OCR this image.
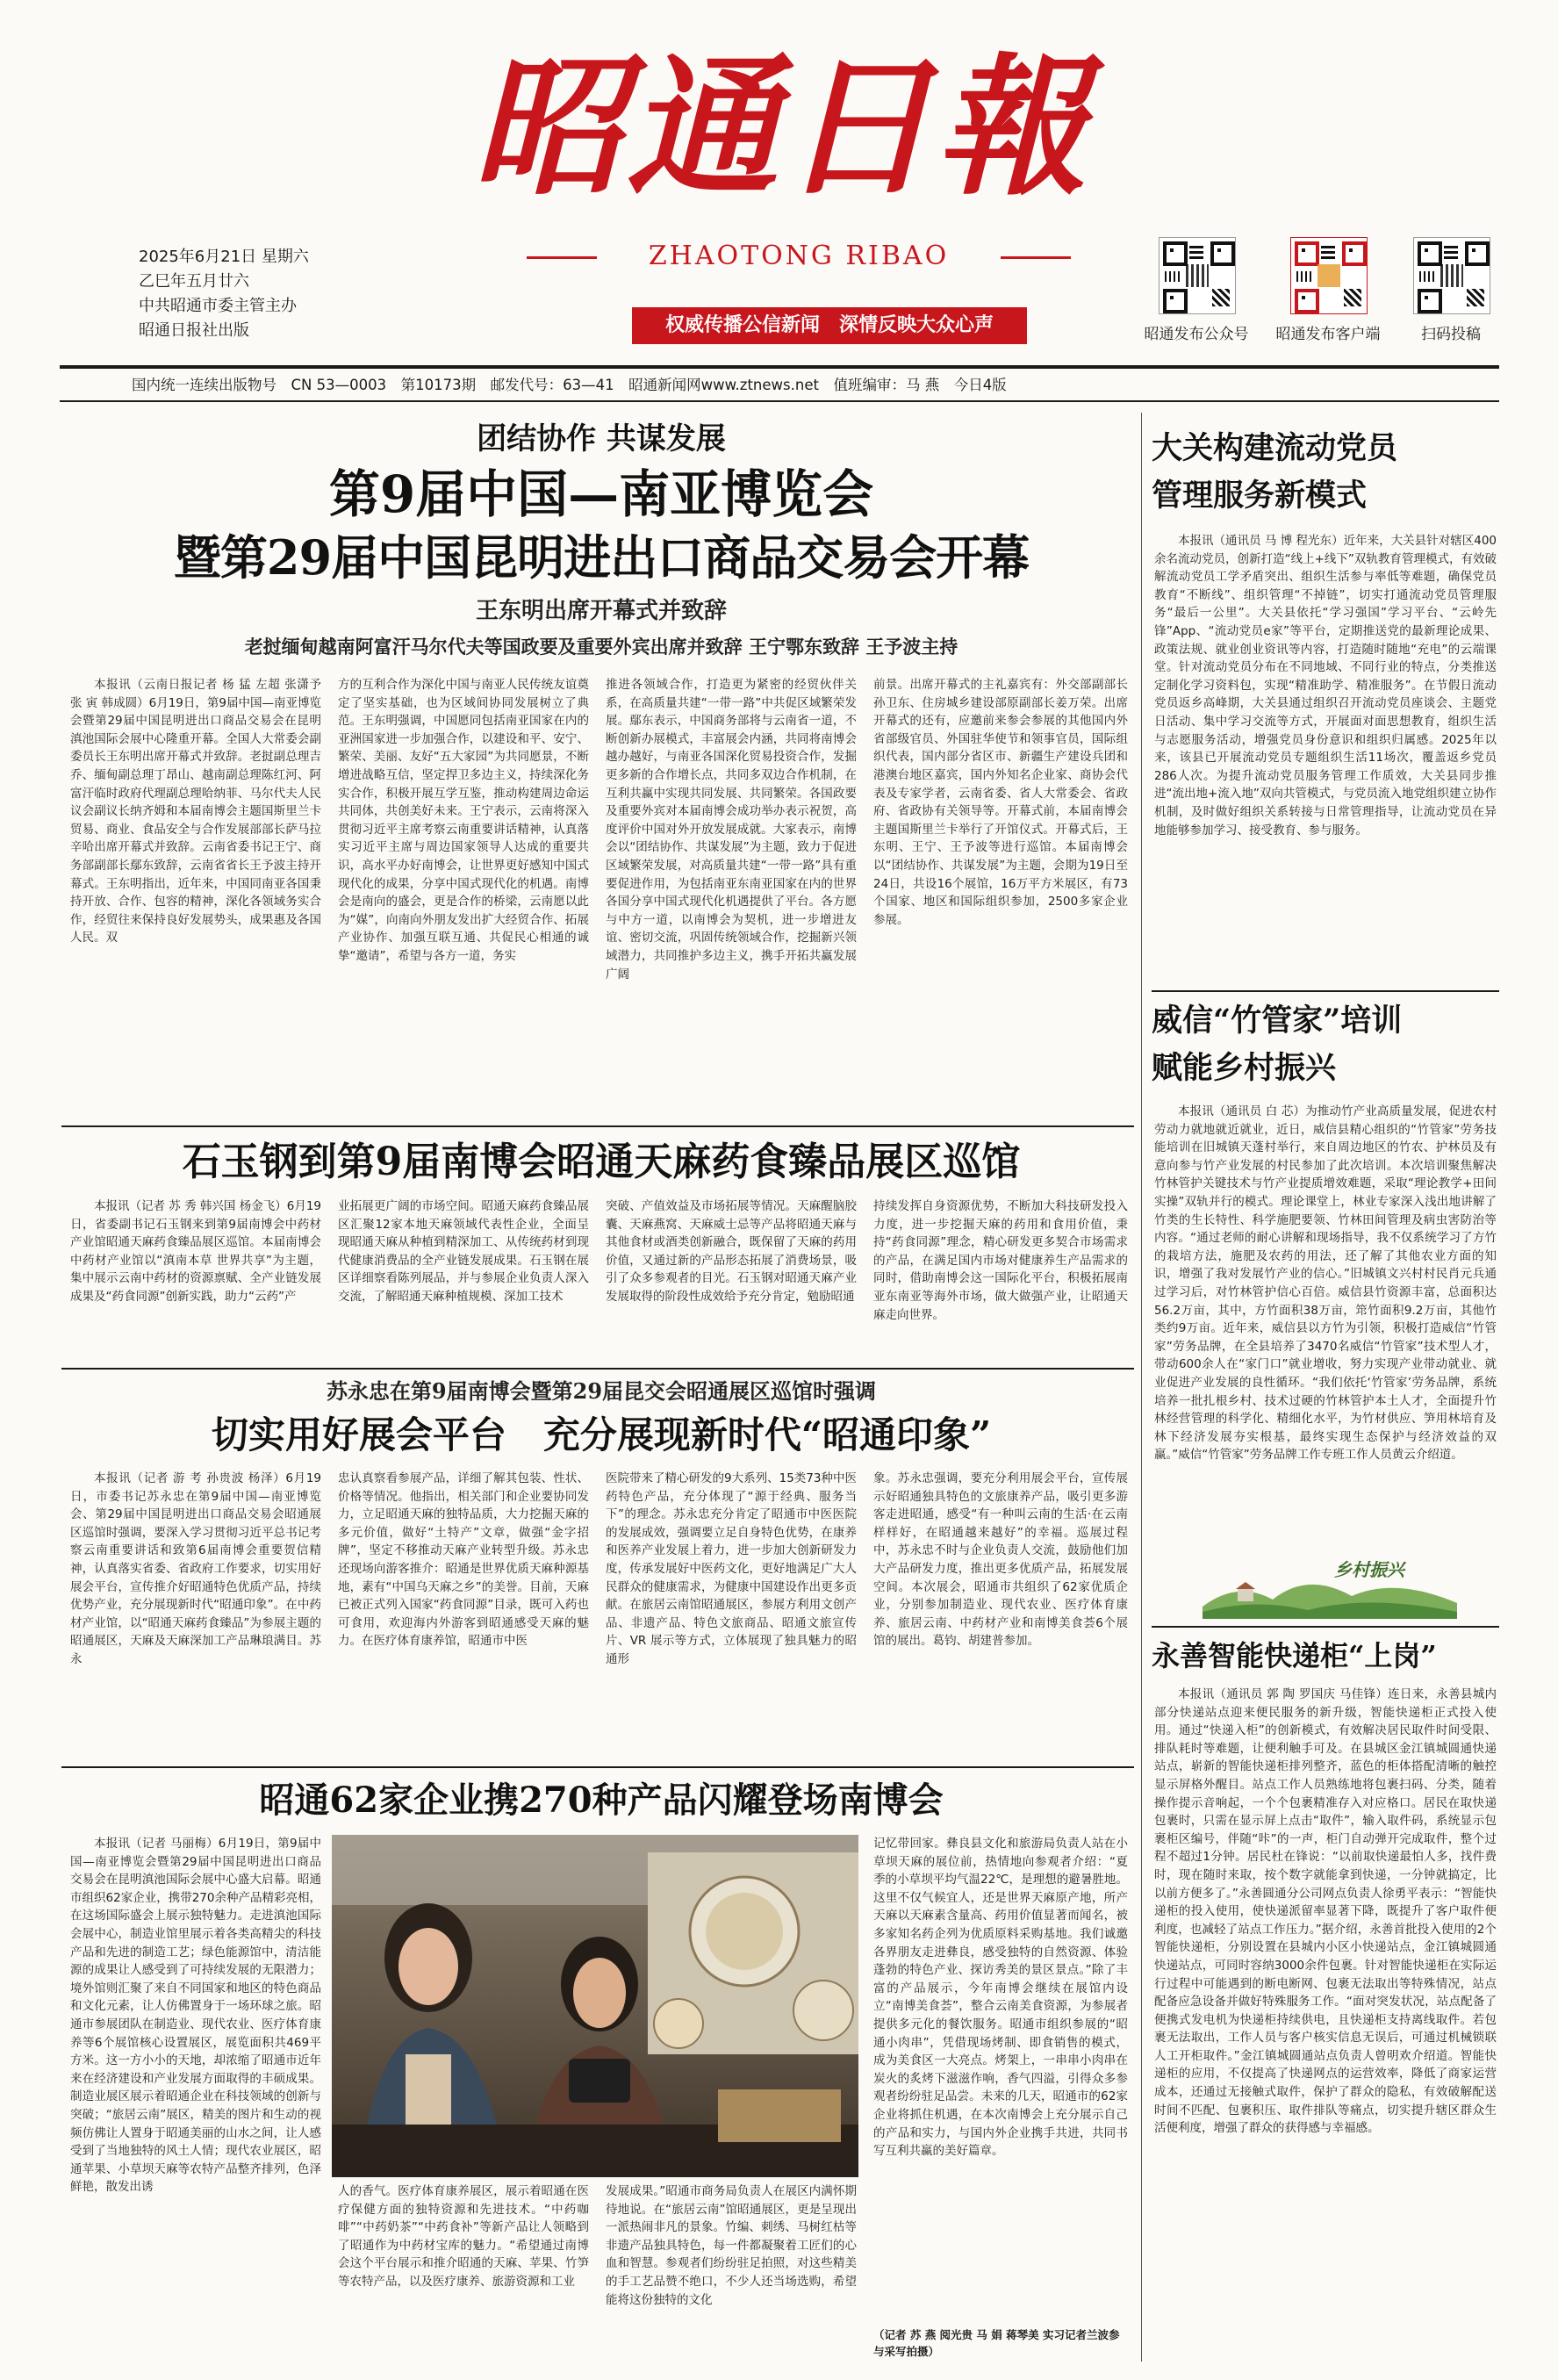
昭通日報
ZHAOTONG RIBAO
2025年6月21日 星期六
乙巳年五月廿六
中共昭通市委主管主办
昭通日报社出版	权威传播公信新闻　深情反映大众心声	昭通发布公众号	昭通发布客户端	扫码投稿
国内统一连续出版物号　CN 53—0003　第10173期　邮发代号：63—41　昭通新闻网www.ztnews.net　值班编审：马 燕　今日4版
团结协作 共谋发展
第9届中国—南亚博览会
暨第29届中国昆明进出口商品交易会开幕
王东明出席开幕式并致辞
老挝缅甸越南阿富汗马尔代夫等国政要及重要外宾出席并致辞 王宁鄂东致辞 王予波主持

本报讯（云南日报记者 杨 猛 左超 张潇予 张 寅 韩成圆）6月19日，第9届中国—南亚博览会暨第29届中国昆明进出口商品交易会在昆明滇池国际会展中心隆重开幕。全国人大常委会副委员长王东明出席开幕式并致辞。老挝副总理吉乔、缅甸副总理丁昂山、越南副总理陈红河、阿富汗临时政府代理副总理哈纳菲、马尔代夫人民议会副议长纳齐姆和本届南博会主题国斯里兰卡贸易、商业、食品安全与合作发展部部长萨马拉辛哈出席开幕式并致辞。云南省委书记王宁、商务部副部长鄢东致辞，云南省省长王予波主持开幕式。王东明指出，近年来，中国同南亚各国秉持开放、合作、包容的精神，深化各领域务实合作，经贸往来保持良好发展势头，成果惠及各国人民。双

方的互利合作为深化中国与南亚人民传统友谊奠定了坚实基础，也为区域间协同发展树立了典范。王东明强调，中国愿同包括南亚国家在内的亚洲国家进一步加强合作，以建设和平、安宁、繁荣、美丽、友好“五大家园”为共同愿景，不断增进战略互信，坚定捍卫多边主义，持续深化务实合作，积极开展互学互鉴，推动构建周边命运共同体，共创美好未来。王宁表示，云南将深入贯彻习近平主席考察云南重要讲话精神，认真落实习近平主席与周边国家领导人达成的重要共识，高水平办好南博会，让世界更好感知中国式现代化的成果，分享中国式现代化的机遇。南博会是南向的盛会，更是合作的桥梁，云南愿以此为“媒”，向南向外朋友发出扩大经贸合作、拓展产业协作、加强互联互通、共促民心相通的诚挚“邀请”，希望与各方一道，务实

推进各领域合作，打造更为紧密的经贸伙伴关系，在高质量共建“一带一路”中共促区域繁荣发展。鄢东表示，中国商务部将与云南省一道，不断创新办展模式，丰富展会内涵，共同将南博会越办越好，与南亚各国深化贸易投资合作，发掘更多新的合作增长点，共同多双边合作机制，在互利共赢中实现共同发展、共同繁荣。各国政要及重要外宾对本届南博会成功举办表示祝贺，高度评价中国对外开放发展成就。大家表示，南博会以“团结协作、共谋发展”为主题，致力于促进区域繁荣发展，对高质量共建“一带一路”具有重要促进作用，为包括南亚东南亚国家在内的世界各国分享中国式现代化机遇提供了平台。各方愿与中方一道，以南博会为契机，进一步增进友谊、密切交流，巩固传统领域合作，挖掘新兴领域潜力，共同推护多边主义，携手开拓共赢发展广阔

前景。出席开幕式的主礼嘉宾有：外交部副部长孙卫东、住房城乡建设部原副部长姜万荣。出席开幕式的还有，应邀前来参会参展的其他国内外省部级官员、外国驻华使节和领事官员，国际组织代表，国内部分省区市、新疆生产建设兵团和港澳台地区嘉宾，国内外知名企业家、商协会代表及专家学者，云南省委、省人大常委会、省政府、省政协有关领导等。开幕式前，本届南博会主题国斯里兰卡举行了开馆仪式。开幕式后，王东明、王宁、王予波等进行巡馆。本届南博会以“团结协作、共谋发展”为主题，会期为19日至24日，共设16个展馆，16万平方米展区，有73个国家、地区和国际组织参加，2500多家企业参展。

石玉钢到第9届南博会昭通天麻药食臻品展区巡馆

本报讯（记者 苏 秀 韩兴国 杨金飞）6月19日，省委副书记石玉钢来到第9届南博会中药材产业馆昭通天麻药食臻品展区巡馆。本届南博会中药材产业馆以“滇南本草 世界共享”为主题，集中展示云南中药材的资源禀赋、全产业链发展成果及“药食同源”创新实践，助力“云药”产

业拓展更广阔的市场空间。昭通天麻药食臻品展区汇聚12家本地天麻领域代表性企业，全面呈现昭通天麻从种植到精深加工、从传统药材到现代健康消费品的全产业链发展成果。石玉钢在展区详细察看陈列展品，并与参展企业负责人深入交流，了解昭通天麻种植规模、深加工技术

突破、产值效益及市场拓展等情况。天麻醒脑胶囊、天麻燕窝、天麻威士忌等产品将昭通天麻与其他食材或酒类创新融合，既保留了天麻的药用价值，又通过新的产品形态拓展了消费场景，吸引了众多参观者的目光。石玉钢对昭通天麻产业发展取得的阶段性成效给予充分肯定，勉励昭通

持续发挥自身资源优势，不断加大科技研发投入力度，进一步挖掘天麻的药用和食用价值，秉持“药食同源”理念，精心研发更多契合市场需求的产品，在满足国内市场对健康养生产品需求的同时，借助南博会这一国际化平台，积极拓展南亚东南亚等海外市场，做大做强产业，让昭通天麻走向世界。

苏永忠在第9届南博会暨第29届昆交会昭通展区巡馆时强调
切实用好展会平台　充分展现新时代“昭通印象”

本报讯（记者 游 考 孙贵波 杨泽）6月19日，市委书记苏永忠在第9届中国—南亚博览会、第29届中国昆明进出口商品交易会昭通展区巡馆时强调，要深入学习贯彻习近平总书记考察云南重要讲话和致第6届南博会重要贺信精神，认真落实省委、省政府工作要求，切实用好展会平台，宣传推介好昭通特色优质产品，持续优势产业，充分展现新时代“昭通印象”。在中药材产业馆，以“昭通天麻药食臻品”为参展主题的昭通展区，天麻及天麻深加工产品琳琅满目。苏永

忠认真察看参展产品，详细了解其包装、性状、价格等情况。他指出，相关部门和企业要协同发力，立足昭通天麻的独特品质，大力挖掘天麻的多元价值，做好“土特产”文章，做强“金字招牌”，坚定不移推动天麻产业转型升级。苏永忠还现场向游客推介：昭通是世界优质天麻种源基地，素有“中国乌天麻之乡”的美誉。目前，天麻已被正式列入国家“药食同源”目录，既可入药也可食用，欢迎海内外游客到昭通感受天麻的魅力。在医疗体育康养馆，昭通市中医

医院带来了精心研发的9大系列、15类73种中医药特色产品，充分体现了“源于经典、服务当下”的理念。苏永忠充分肯定了昭通市中医医院的发展成效，强调要立足自身特色优势，在康养和医养产业发展上着力，进一步加大创新研发力度，传承发展好中医药文化，更好地满足广大人民群众的健康需求，为健康中国建设作出更多贡献。在旅居云南馆昭通展区，参展方利用文创产品、非遗产品、特色文旅商品、昭通文旅宣传片、VR 展示等方式，立体展现了独具魅力的昭通形

象。苏永忠强调，要充分利用展会平台，宣传展示好昭通独具特色的文旅康养产品，吸引更多游客走进昭通，感受“有一种叫云南的生活·在云南样样好，在昭通越来越好”的幸福。巡展过程中，苏永忠不时与企业负责人交流，鼓励他们加大产品研发力度，推出更多优质产品，拓展发展空间。本次展会，昭通市共组织了62家优质企业，分别参加制造业、现代农业、医疗体育康养、旅居云南、中药材产业和南博美食荟6个展馆的展出。葛钧、胡建普参加。

昭通62家企业携270种产品闪耀登场南博会

本报讯（记者 马丽梅）6月19日，第9届中国—南亚博览会暨第29届中国昆明进出口商品交易会在昆明滇池国际会展中心盛大启幕。昭通市组织62家企业，携带270余种产品精彩亮相，在这场国际盛会上展示独特魅力。走进滇池国际会展中心，制造业馆里展示着各类高精尖的科技产品和先进的制造工艺；绿色能源馆中，清洁能源的成果让人感受到了可持续发展的无限潜力；境外馆则汇聚了来自不同国家和地区的特色商品和文化元素，让人仿佛置身于一场环球之旅。昭通市参展团队在制造业、现代农业、医疗体育康养等6个展馆核心设置展区，展览面积共469平方米。这一方小小的天地，却浓缩了昭通市近年来在经济建设和产业发展方面取得的丰硕成果。制造业展区展示着昭通企业在科技领域的创新与突破；“旅居云南”展区，精美的图片和生动的视频仿佛让人置身于昭通美丽的山水之间，让人感受到了当地独特的风土人情；现代农业展区，昭通苹果、小草坝天麻等农特产品整齐排列，色泽鲜艳，散发出诱	人的香气。医疗体育康养展区，展示着昭通在医疗保健方面的独特资源和先进技术。“中药咖啡”“中药奶茶”“中药食补”等新产品让人领略到了昭通作为中药材宝库的魅力。“希望通过南博会这个平台展示和推介昭通的天麻、苹果、竹笋等农特产品，以及医疗康养、旅游资源和工业

发展成果。”昭通市商务局负责人在展区内满怀期待地说。在“旅居云南”馆昭通展区，更是呈现出一派热闹非凡的景象。竹编、刺绣、马树红枯等非遗产品独具特色，每一件都凝聚着工匠们的心血和智慧。参观者们纷纷驻足拍照，对这些精美的手工艺品赞不绝口，不少人还当场选购，希望能将这份独特的文化

记忆带回家。彝良县文化和旅游局负责人站在小草坝天麻的展位前，热情地向参观者介绍：“夏季的小草坝平均气温22℃，是理想的避暑胜地。这里不仅气候宜人，还是世界天麻原产地，所产天麻以天麻素含量高、药用价值显著而闻名，被多家知名药企列为优质原料采购基地。我们诚邀各界朋友走进彝良，感受独特的自然资源、体验蓬勃的特色产业、探访秀美的景区景点。”除了丰富的产品展示，今年南博会继续在展馆内设立“南博美食荟”，整合云南美食资源，为参展者提供多元化的餐饮服务。昭通市组织参展的“昭通小肉串”，凭借现场烤制、即食销售的模式，成为美食区一大亮点。烤架上，一串串小肉串在炭火的炙烤下滋滋作响，香气四溢，引得众多参观者纷纷驻足品尝。未来的几天，昭通市的62家企业将抓住机遇，在本次南博会上充分展示自己的产品和实力，与国内外企业携手共进，共同书写互利共赢的美好篇章。

（记者 苏 燕 阅光贵 马 娟 蒋琴美 实习记者兰波参与采写拍摄）
大关构建流动党员
管理服务新模式

本报讯（通讯员 马 博 程光东）近年来，大关县针对辖区400余名流动党员，创新打造“线上+线下”双轨教育管理模式，有效破解流动党员工学矛盾突出、组织生活参与率低等难题，确保党员教育“不断线”、组织管理“不掉链”，切实打通流动党员管理服务“最后一公里”。大关县依托“学习强国”学习平台、“云岭先锋”App、“流动党员e家”等平台，定期推送党的最新理论成果、政策法规、就业创业资讯等内容，打造随时随地“充电”的云端课堂。针对流动党员分布在不同地域、不同行业的特点，分类推送定制化学习资料包，实现“精准助学、精准服务”。在节假日流动党员返乡高峰期，大关县通过组织召开流动党员座谈会、主题党日活动、集中学习交流等方式，开展面对面思想教育，组织生活与志愿服务活动，增强党员身份意识和组织归属感。2025年以来，该县已开展流动党员专题组织生活11场次，覆盖返乡党员286人次。为提升流动党员服务管理工作质效，大关县同步推进“流出地+流入地”双向共管模式，与党员流入地党组织建立协作机制，及时做好组织关系转接与日常管理指导，让流动党员在异地能够参加学习、接受教育、参与服务。

威信“竹管家”培训
赋能乡村振兴

本报讯（通讯员 白 芯）为推动竹产业高质量发展，促进农村劳动力就地就近就业，近日，威信县精心组织的“竹管家”劳务技能培训在旧城镇天蓬村举行，来自周边地区的竹农、护林员及有意向参与竹产业发展的村民参加了此次培训。本次培训聚焦解决竹林管护关键技术与竹产业提质增效难题，采取“理论教学+田间实操”双轨并行的模式。理论课堂上，林业专家深入浅出地讲解了竹类的生长特性、科学施肥要领、竹林田间管理及病虫害防治等内容。“通过老师的耐心讲解和现场指导，我不仅系统学习了方竹的栽培方法，施肥及农药的用法，还了解了其他农业方面的知识，增强了我对发展竹产业的信心。”旧城镇文兴村村民肖元兵通过学习后，对竹林管护信心百倍。威信县竹资源丰富，总面积达56.2万亩，其中，方竹面积38万亩，筇竹面积9.2万亩，其他竹类约9万亩。近年来，威信县以方竹为引领，积极打造威信“竹管家”劳务品牌，在全县培养了3470名威信“竹管家”技术型人才，带动600余人在“家门口”就业增收，努力实现产业带动就业、就业促进产业发展的良性循环。“我们依托‘竹管家’劳务品牌，系统培养一批扎根乡村、技术过硬的竹林管护本土人才，全面提升竹林经营管理的科学化、精细化水平，为竹材供应、笋用林培育及林下经济发展夯实根基，最终实现生态保护与经济效益的双赢。”威信“竹管家”劳务品牌工作专班工作人员黄云介绍道。

乡村振兴
永善智能快递柜“上岗”

本报讯（通讯员 郭 陶 罗国庆 马佳锋）连日来，永善县城内部分快递站点迎来便民服务的新升级，智能快递柜正式投入使用。通过“快递入柜”的创新模式，有效解决居民取件时间受限、排队耗时等难题，让便利触手可及。在县城区金江镇城圆通快递站点，崭新的智能快递柜排列整齐，蓝色的柜体搭配清晰的触控显示屏格外醒目。站点工作人员熟练地将包裹扫码、分类，随着操作提示音响起，一个个包裹精准存入对应格口。居民在取快递包裹时，只需在显示屏上点击“取件”，输入取件码，系统显示包裹柜区编号，伴随“咔”的一声，柜门自动弹开完成取件，整个过程不超过1分钟。居民杜在锋说：“以前取快递最怕人多，找件费时，现在随时来取，按个数字就能拿到快递，一分钟就搞定，比以前方便多了。”永善圆通分公司网点负责人徐勇平表示：“智能快递柜的投入使用，使快递派留率显著下降，既提升了客户取件便利度，也减轻了站点工作压力。”据介绍，永善首批投入使用的2个智能快递柜，分别设置在县城内小区小快递站点，金江镇城圆通快递站点，可同时容纳3000余件包裹。针对智能快递柜在实际运行过程中可能遇到的断电断网、包裹无法取出等特殊情况，站点配备应急设备并做好特殊服务工作。“面对突发状况，站点配备了便携式发电机为快递柜持续供电，且快递柜支持离线取件。若包裹无法取出，工作人员与客户核实信息无误后，可通过机械锁联人工开柜取件。”金江镇城圆通站点负责人曾明欢介绍道。智能快递柜的应用，不仅提高了快递网点的运营效率，降低了商家运营成本，还通过无接触式取件，保护了群众的隐私，有效破解配送时间不匹配、包裹积压、取件排队等痛点，切实提升辖区群众生活便利度，增强了群众的获得感与幸福感。
